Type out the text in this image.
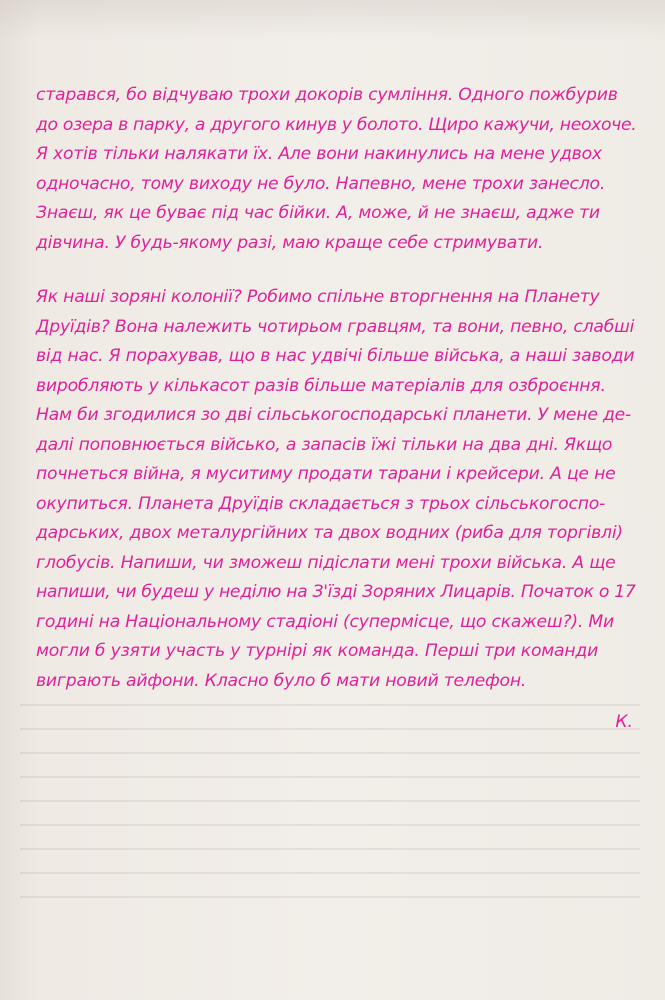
старався, бо відчуваю трохи докорів сумління. Одного пожбурив
до озера в парку, а другого кинув у болото. Щиро кажучи, неохоче.
Я хотів тільки налякати їх. Але вони накинулись на мене удвох
одночасно, тому виходу не було. Напевно, мене трохи занесло.
Знаєш, як це буває під час бійки. А, може, й не знаєш, адже ти
дівчина. У будь-якому разі, маю краще себе стримувати.
Як наші зоряні колонії? Робимо спільне вторгнення на Планету
Друїдів? Вона належить чотирьом гравцям, та вони, певно, слабші
від нас. Я порахував, що в нас удвічі більше війська, а наші заводи
виробляють у кількасот разів більше матеріалів для озброєння.
Нам би згодилися зо дві сільськогосподарські планети. У мене де-
далі поповнюється військо, а запасів їжі тільки на два дні. Якщо
почнеться війна, я муситиму продати тарани і крейсери. А це не
окупиться. Планета Друїдів складається з трьох сільськогоспо-
дарських, двох металургійних та двох водних (риба для торгівлі)
глобусів. Напиши, чи зможеш підіслати мені трохи війська. А ще
напиши, чи будеш у неділю на З'їзді Зоряних Лицарів. Початок о 17
годині на Національному стадіоні (супермісце, що скажеш?). Ми
могли б узяти участь у турнірі як команда. Перші три команди
виграють айфони. Класно було б мати новий телефон.
К.
